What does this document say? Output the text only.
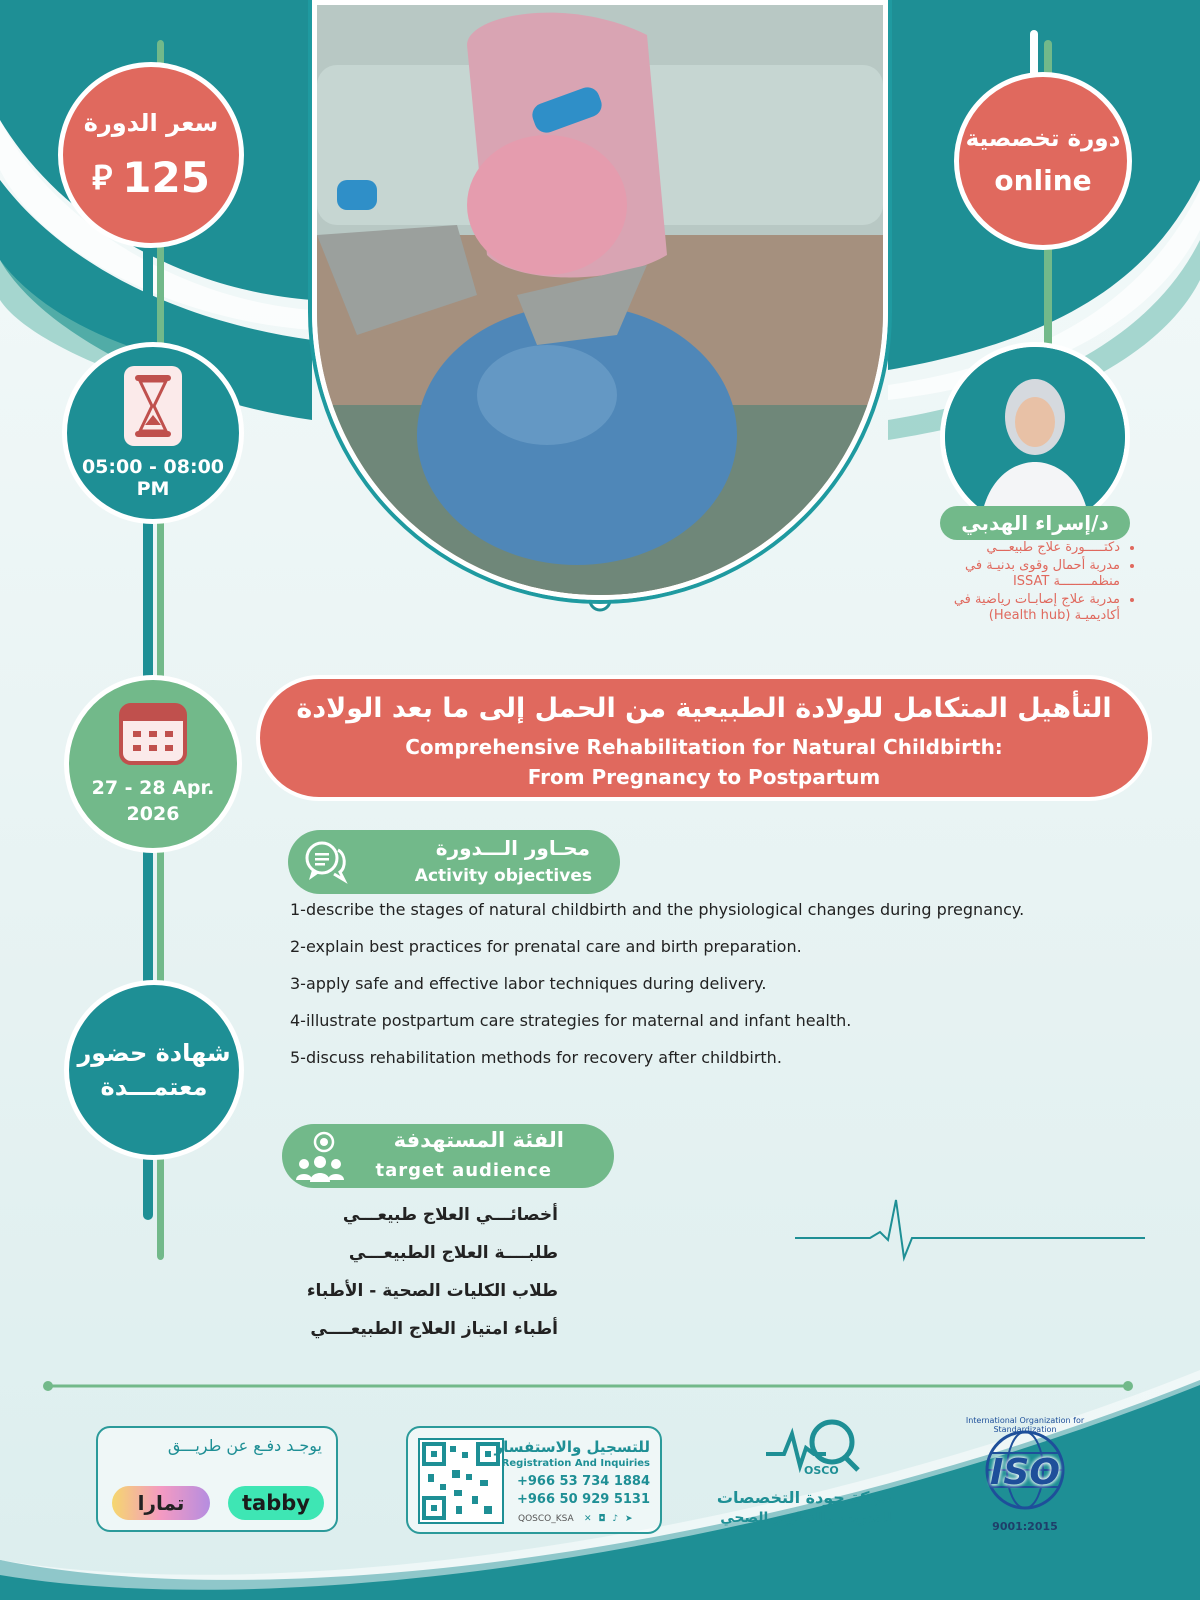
سعر الدورة
⃁ 125
دورة تخصصية
online
05:00 - 08:00
PM
د/إسراء الهدبي
• دكتـــــورة علاج طبيعـــي
• مدربة أحمال وقوى بدنيـة في منظمــــــــة ISSAT
• مدربة علاج إصابـات رياضية في أكاديميـة (Health hub)
27 - 28 Apr.
2026
شهادة حضور
معتمـــدة
التأهيل المتكامل للولادة الطبيعية من الحمل إلى ما بعد الولادة
Comprehensive Rehabilitation for Natural Childbirth:
From Pregnancy to Postpartum
محـاور الـــدورة
Activity objectives
1-describe the stages of natural childbirth and the physiological changes during pregnancy.
2-explain best practices for prenatal care and birth preparation.
3-apply safe and effective labor techniques during delivery.
4-illustrate postpartum care strategies for maternal and infant health.
5-discuss rehabilitation methods for recovery after childbirth.
الفئة المستهدفة
target audience
أخصائـــي العلاج طبيعـــي
طلبــــة العلاج الطبيعـــي
طلاب الكليات الصحية - الأطباء
أطباء امتياز العلاج الطبيعــــي
يوجـد دفـع عن طريـــق
تمارا	tabby
للتسجيل والاستفسار
Registration And Inquiries
+966 53 734 1884
+966 50 929 5131
QOSCO_KSA ✕ ◘ ♪ ➤
OSCO
شركة جودة التخصصات
للتدريب والتطوير الصحي
International Organization for Standardization
ISO
9001:2015
